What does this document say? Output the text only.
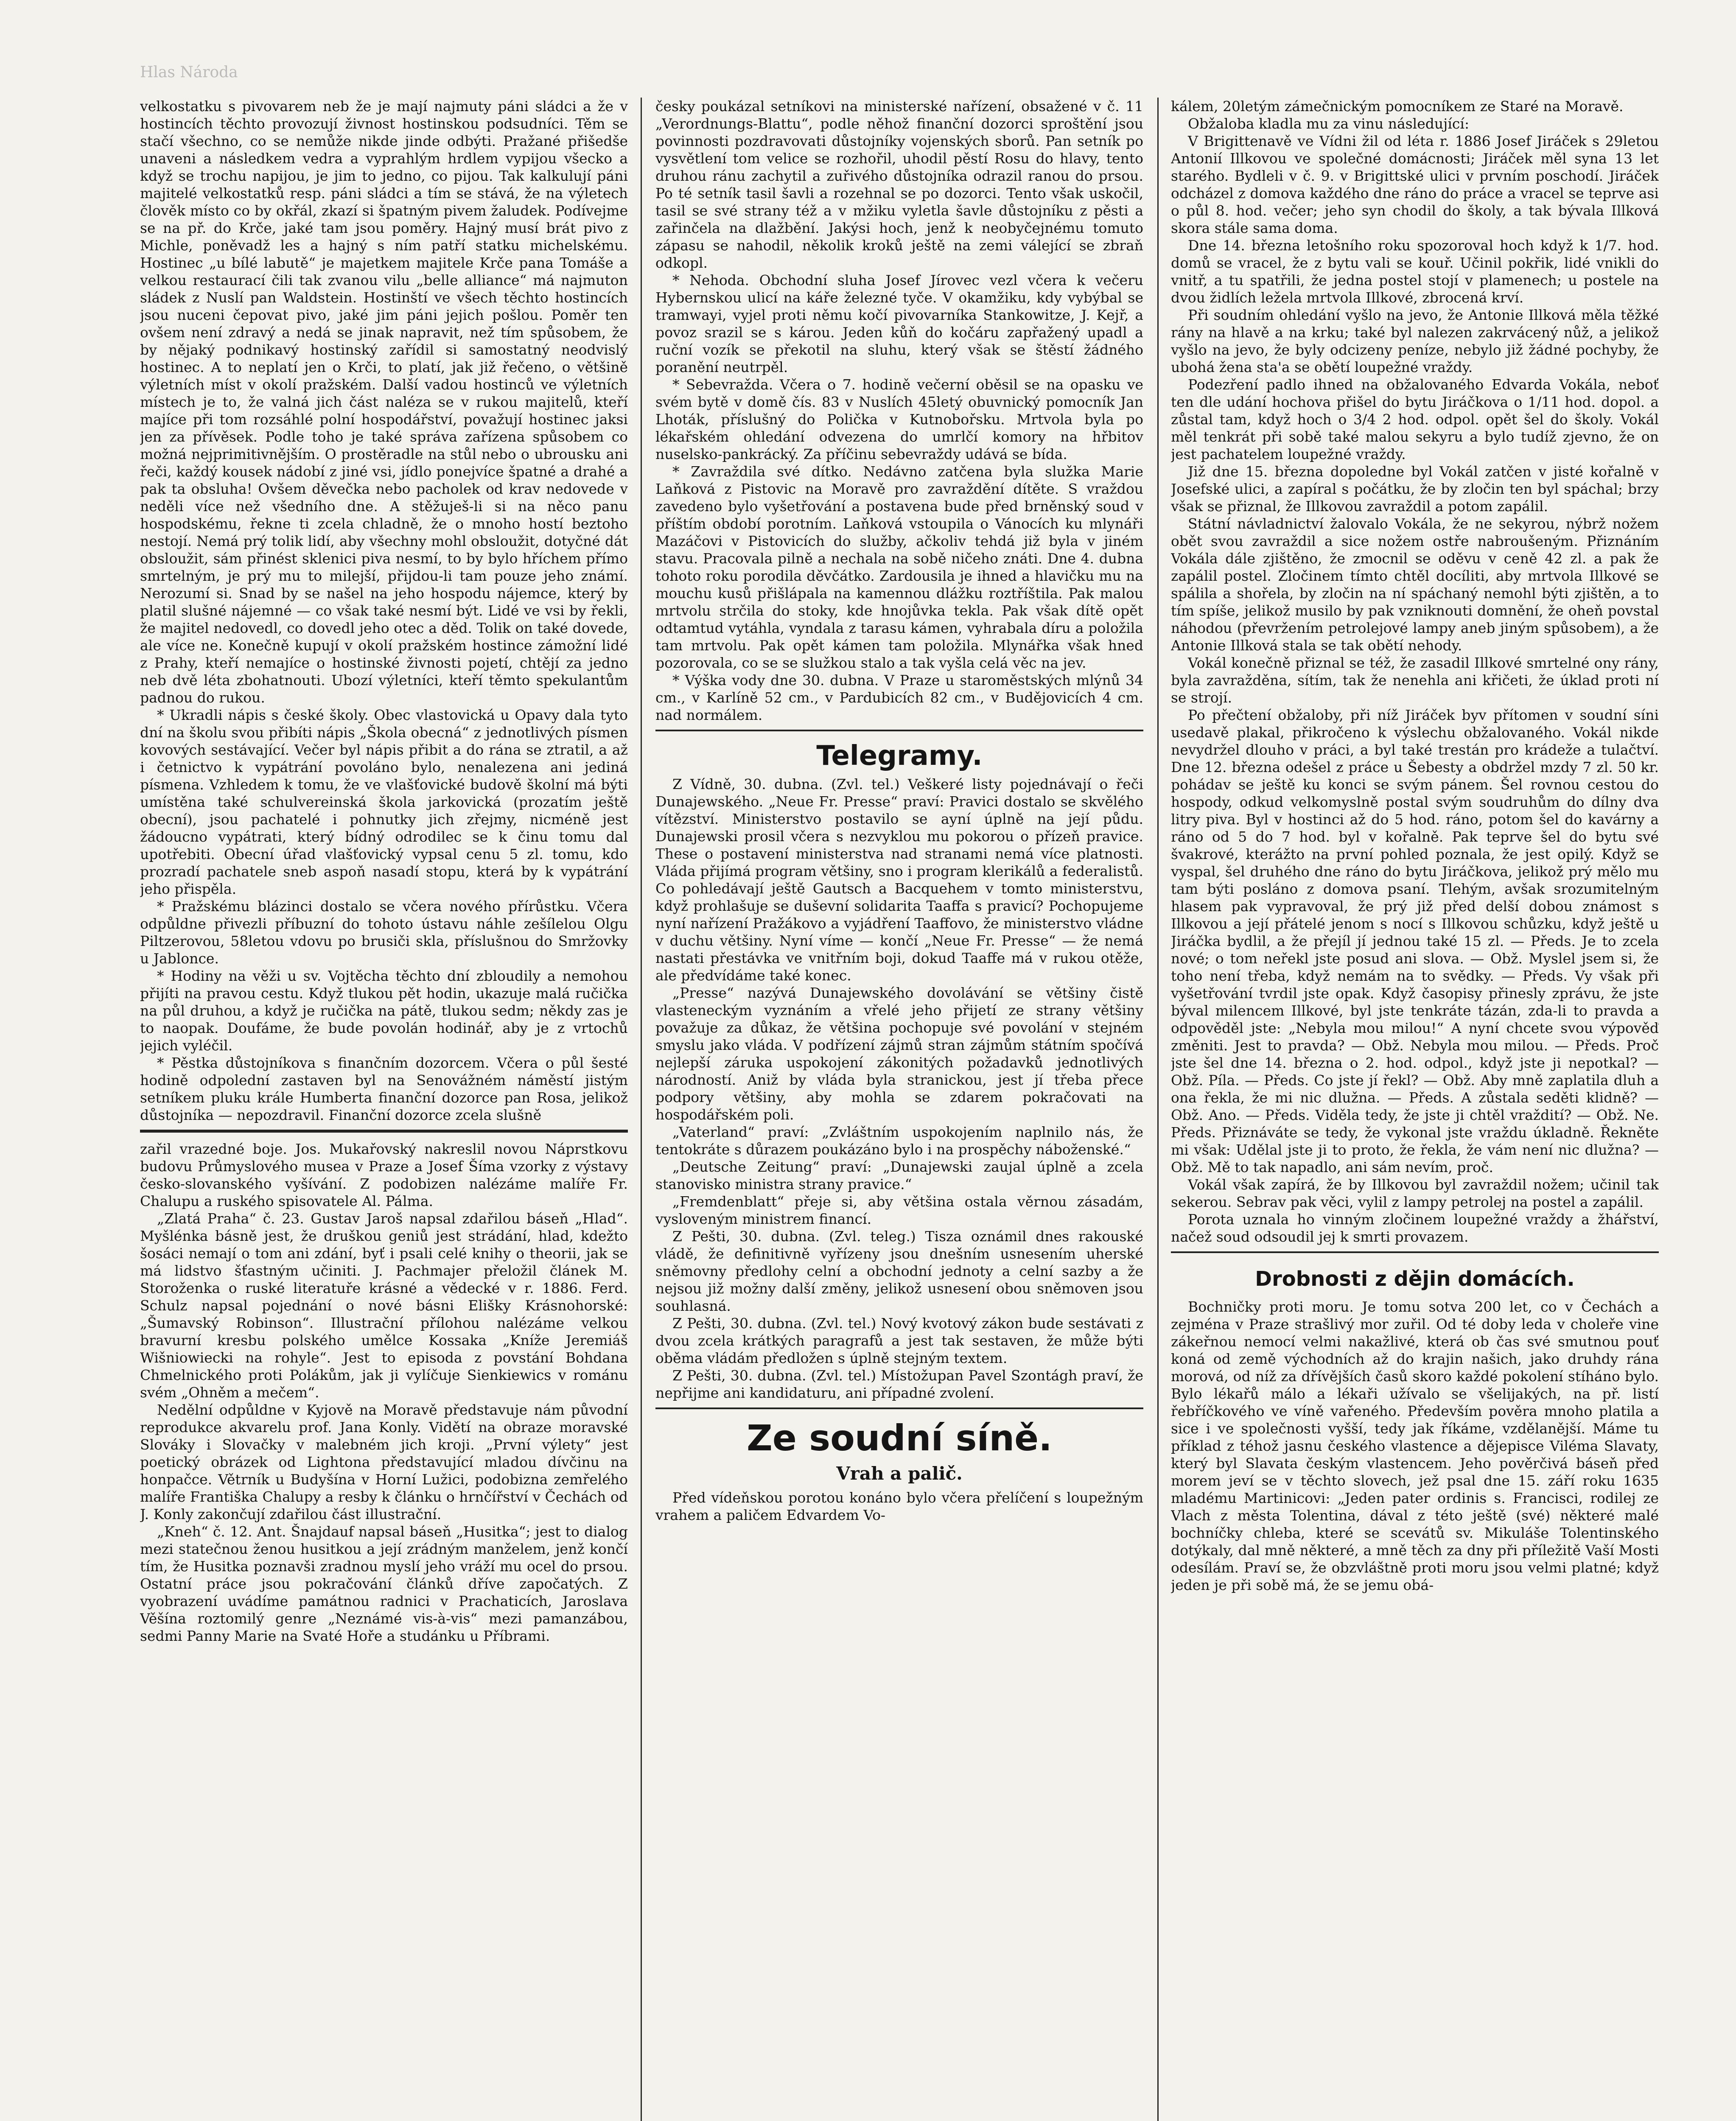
Hlas Národa

velkostatku s pivovarem neb že je mají najmuty páni sládci a že v hostincích těchto provozují živnost hostinskou podsudníci. Těm se stačí všechno, co se nemůže nikde jinde odbýti. Pražané přišedše unaveni a následkem vedra a vyprahlým hrdlem vypijou všecko a když se trochu napijou, je jim to jedno, co pijou. Tak kalkulují páni majitelé velkostatků resp. páni sládci a tím se stává, že na výletech člověk místo co by okřál, zkazí si špatným pivem žaludek. Podívejme se na př. do Krče, jaké tam jsou poměry. Hajný musí brát pivo z Michle, poněvadž les a hajný s ním patří statku michelskému. Hostinec „u bílé labutě“ je majetkem majitele Krče pana Tomáše a velkou restaurací čili tak zvanou vilu „belle alliance“ má najmuton sládek z Nuslí pan Waldstein. Hostinští ve všech těchto hostincích jsou nuceni čepovat pivo, jaké jim páni jejich pošlou. Poměr ten ovšem není zdravý a nedá se jinak napravit, než tím spůsobem, že by nějaký podnikavý hostinský zařídil si samostatný neodvislý hostinec. A to neplatí jen o Krči, to platí, jak již řečeno, o většině výletních míst v okolí pražském. Další vadou hostinců ve výletních místech je to, že valná jich část naléza se v rukou majitelů, kteří majíce při tom rozsáhlé polní hospodářství, považují hostinec jaksi jen za přívěsek. Podle toho je také správa zařízena spůsobem co možná nejprimitivnějším. O prostěradle na stůl nebo o ubrousku ani řeči, každý kousek nádobí z jiné vsi, jídlo ponejvíce špatné a drahé a pak ta obsluha! Ovšem děvečka nebo pacholek od krav nedovede v neděli více než všedního dne. A stěžuješ-li si na něco panu hospodskému, řekne ti zcela chladně, že o mnoho hostí beztoho nestojí. Nemá prý tolik lidí, aby všechny mohl obsloužit, dotyčné dát obsloužit, sám přinést sklenici piva nesmí, to by bylo hříchem přímo smrtelným, je prý mu to milejší, přijdou-li tam pouze jeho známí. Nerozumí si. Snad by se našel na jeho hospodu nájemce, který by platil slušné nájemné — co však také nesmí být. Lidé ve vsi by řekli, že majitel nedovedl, co dovedl jeho otec a děd. Tolik on také dovede, ale více ne. Konečně kupují v okolí pražském hostince zámožní lidé z Prahy, kteří nemajíce o hostinské živnosti pojetí, chtějí za jedno neb dvě léta zbohatnouti. Ubozí výletníci, kteří těmto spekulantům padnou do rukou.

* Ukradli nápis s české školy. Obec vlastovická u Opavy dala tyto dní na školu svou přibíti nápis „Škola obecná“ z jednotlivých písmen kovových sestávající. Večer byl nápis přibit a do rána se ztratil, a až i četnictvo k vypátrání povoláno bylo, nenalezena ani jediná písmena. Vzhledem k tomu, že ve vlašťovické budově školní má býti umístěna také schulvereinská škola jarkovická (prozatím ještě obecní), jsou pachatelé i pohnutky jich zřejmy, nicméně jest žádoucno vypátrati, který bídný odrodilec se k činu tomu dal upotřebiti. Obecní úřad vlašťovický vypsal cenu 5 zl. tomu, kdo prozradí pachatele sneb aspoň nasadí stopu, která by k vypátrání jeho přispěla.

* Pražskému blázinci dostalo se včera nového přírůstku. Včera odpůldne přivezli příbuzní do tohoto ústavu náhle zešílelou Olgu Piltzerovou, 58letou vdovu po brusiči skla, příslušnou do Smržovky u Jablonce.

* Hodiny na věži u sv. Vojtěcha těchto dní zbloudily a nemohou přijíti na pravou cestu. Když tlukou pět hodin, ukazuje malá ručička na půl druhou, a když je ručička na pátě, tlukou sedm; někdy zas je to naopak. Doufáme, že bude povolán hodinář, aby je z vrtochů jejich vyléčil.

* Pěstka důstojníkova s finančním dozorcem. Včera o půl šesté hodině odpolední zastaven byl na Senovážném náměstí jistým setníkem pluku krále Humberta finanční dozorce pan Rosa, jelikož důstojníka — nepozdravil. Finanční dozorce zcela slušně

zařil vrazedné boje. Jos. Mukařovský nakreslil novou Náprstkovu budovu Průmyslového musea v Praze a Josef Šíma vzorky z výstavy česko-slovanského vyšívání. Z podobizen nalézáme malíře Fr. Chalupu a ruského spisovatele Al. Pálma.

„Zlatá Praha“ č. 23. Gustav Jaroš napsal zdařilou báseň „Hlad“. Myšlénka básně jest, že druškou geniů jest strádání, hlad, kdežto šosáci nemají o tom ani zdání, byť i psali celé knihy o theorii, jak se má lidstvo šťastným učiniti. J. Pachmajer přeložil článek M. Storoženka o ruské literatuře krásné a vědecké v r. 1886. Ferd. Schulz napsal pojednání o nové básni Elišky Krásnohorské: „Šumavský Robinson“. Illustrační přílohou nalézáme velkou bravurní kresbu polského umělce Kossaka „Kníže Jeremiáš Wišniowiecki na rohyle“. Jest to episoda z povstání Bohdana Chmelnického proti Polákům, jak ji vylíčuje Sienkiewics v románu svém „Ohněm a mečem“.

Nedělní odpůldne v Kyjově na Moravě představuje nám původní reprodukce akvarelu prof. Jana Konly. Vidětí na obraze moravské Slováky i Slovačky v malebném jich kroji. „První výlety“ jest poetický obrázek od Lightona představující mladou dívčinu na honpačce. Větrník u Budyšína v Horní Lužici, podobizna zemřelého malíře Františka Chalupy a resby k článku o hrnčířství v Čechách od J. Konly zakončují zdařilou část illustrační.

„Kneh“ č. 12. Ant. Šnajdauf napsal báseň „Husitka“; jest to dialog mezi statečnou ženou husitkou a její zrádným manželem, jenž končí tím, že Husitka poznavši zradnou myslí jeho vráží mu ocel do prsou. Ostatní práce jsou pokračování článků dříve započatých. Z vyobrazení uvádíme památnou radnici v Prachaticích, Jaroslava Věšína roztomilý genre „Neznámé vis-à-vis“ mezi pamanzábou, sedmi Panny Marie na Svaté Hoře a studánku u Příbrami.

česky poukázal setníkovi na ministerské nařízení, obsažené v č. 11 „Verordnungs-Blattu“, podle něhož finanční dozorci sproštění jsou povinnosti pozdravovati důstojníky vojenských sborů. Pan setník po vysvětlení tom velice se rozhořil, uhodil pěstí Rosu do hlavy, tento druhou ránu zachytil a zuřivého důstojníka odrazil ranou do prsou. Po té setník tasil šavli a rozehnal se po dozorci. Tento však uskočil, tasil se své strany též a v mžiku vyletla šavle důstojníku z pěsti a zařinčela na dlažbění. Jakýsi hoch, jenž k neobyčejnému tomuto zápasu se nahodil, několik kroků ještě na zemi válející se zbraň odkopl.

* Nehoda. Obchodní sluha Josef Jírovec vezl včera k večeru Hybernskou ulicí na káře železné tyče. V okamžiku, kdy vybýbal se tramwayi, vyjel proti němu kočí pivovarníka Stankowitze, J. Kejř, a povoz srazil se s károu. Jeden kůň do kočáru zapřažený upadl a ruční vozík se překotil na sluhu, který však se štěstí žádného poranění neutrpěl.

* Sebevražda. Včera o 7. hodině večerní oběsil se na opasku ve svém bytě v domě čís. 83 v Nuslích 45letý obuvnický pomocník Jan Lhoták, příslušný do Polička v Kutnobořsku. Mrtvola byla po lékařském ohledání odvezena do umrlčí komory na hřbitov nuselsko-pankrácký. Za příčinu sebevraždy udává se bída.

* Zavraždila své dítko. Nedávno zatčena byla služka Marie Laňková z Pistovic na Moravě pro zavraždění dítěte. S vraždou zavedeno bylo vyšetřování a postavena bude před brněnský soud v příštím období porotním. Laňková vstoupila o Vánocích ku mlynáři Mazáčovi v Pistovicích do služby, ačkoliv tehdá již byla v jiném stavu. Pracovala pilně a nechala na sobě ničeho znáti. Dne 4. dubna tohoto roku porodila děvčátko. Zardousila je ihned a hlavičku mu na mouchu kusů přišlápala na kamennou dlážku roztříštila. Pak malou mrtvolu strčila do stoky, kde hnojůvka tekla. Pak však dítě opět odtamtud vytáhla, vyndala z tarasu kámen, vyhrabala díru a položila tam mrtvolu. Pak opět kámen tam položila. Mlynářka však hned pozorovala, co se se služkou stalo a tak vyšla celá věc na jev.

* Výška vody dne 30. dubna. V Praze u staroměstských mlýnů 34 cm., v Karlíně 52 cm., v Pardubicích 82 cm., v Budějovicích 4 cm. nad normálem.

Telegramy.

Z Vídně, 30. dubna. (Zvl. tel.) Veškeré listy pojednávají o řeči Dunajewského. „Neue Fr. Presse“ praví: Pravici dostalo se skvělého vítězství. Ministerstvo postavilo se ayní úplně na její půdu. Dunajewski prosil včera s nezvyklou mu pokorou o přízeň pravice. These o postavení ministerstva nad stranami nemá více platnosti. Vláda přijímá program většiny, sno i program klerikálů a federalistů. Co pohledávají ještě Gautsch a Bacquehem v tomto ministerstvu, když prohlašuje se duševní solidarita Taaffa s pravicí? Pochopujeme nyní nařízení Pražákovo a vyjádření Taaffovo, že ministerstvo vládne v duchu většiny. Nyní víme — končí „Neue Fr. Presse“ — že nemá nastati přestávka ve vnitřním boji, dokud Taaffe má v rukou otěže, ale předvídáme také konec.

„Presse“ nazývá Dunajewského dovolávání se většiny čistě vlasteneckým vyznáním a vřelé jeho přijetí ze strany většiny považuje za důkaz, že většina pochopuje své povolání v stejném smyslu jako vláda. V podřízení zájmů stran zájmům státním spočívá nejlepší záruka uspokojení zákonitých požadavků jednotlivých národností. Aniž by vláda byla stranickou, jest jí třeba přece podpory většiny, aby mohla se zdarem pokračovati na hospodářském poli.

„Vaterland“ praví: „Zvláštním uspokojením naplnilo nás, že tentokráte s důrazem poukázáno bylo i na prospěchy náboženské.“

„Deutsche Zeitung“ praví: „Dunajewski zaujal úplně a zcela stanovisko ministra strany pravice.“

„Fremdenblatt“ přeje si, aby většina ostala věrnou zásadám, vysloveným ministrem financí.

Z Pešti, 30. dubna. (Zvl. teleg.) Tisza oznámil dnes rakouské vládě, že definitivně vyřízeny jsou dnešním usnesením uherské sněmovny předlohy celní a obchodní jednoty a celní sazby a že nejsou již možny další změny, jelikož usnesení obou sněmoven jsou souhlasná.

Z Pešti, 30. dubna. (Zvl. tel.) Nový kvotový zákon bude sestávati z dvou zcela krátkých paragrafů a jest tak sestaven, že může býti oběma vládám předložen s úplně stejným textem.

Z Pešti, 30. dubna. (Zvl. tel.) Místožupan Pavel Szontágh praví, že nepřijme ani kandidaturu, ani případné zvolení.

Ze soudní síně.
Vrah a palič.

Před vídeňskou porotou konáno bylo včera přelíčení s loupežným vrahem a paličem Edvardem Vo-

kálem, 20letým zámečnickým pomocníkem ze Staré na Moravě.

Obžaloba kladla mu za vinu následující:

V Brigittenavě ve Vídni žil od léta r. 1886 Josef Jiráček s 29letou Antonií Illkovou ve společné domácnosti; Jiráček měl syna 13 let starého. Bydleli v č. 9. v Brigittské ulici v prvním poschodí. Jiráček odcházel z domova každého dne ráno do práce a vracel se teprve asi o půl 8. hod. večer; jeho syn chodil do školy, a tak bývala Illková skora stále sama doma.

Dne 14. března letošního roku spozoroval hoch když k 1/7. hod. domů se vracel, že z bytu vali se kouř. Učinil pokřik, lidé vnikli do vnitř, a tu spatřili, že jedna postel stojí v plamenech; u postele na dvou židlích ležela mrtvola Illkové, zbrocená krví.

Při soudním ohledání vyšlo na jevo, že Antonie Illková měla těžké rány na hlavě a na krku; také byl nalezen zakrvácený nůž, a jelikož vyšlo na jevo, že byly odcizeny peníze, nebylo již žádné pochyby, že ubohá žena sta'a se obětí loupežné vraždy.

Podezření padlo ihned na obžalovaného Edvarda Vokála, neboť ten dle udání hochova přišel do bytu Jiráčkova o 1/11 hod. dopol. a zůstal tam, když hoch o 3/4 2 hod. odpol. opět šel do školy. Vokál měl tenkrát při sobě také malou sekyru a bylo tudíž zjevno, že on jest pachatelem loupežné vraždy.

Již dne 15. března dopoledne byl Vokál zatčen v jisté kořalně v Josefské ulici, a zapíral s počátku, že by zločin ten byl spáchal; brzy však se přiznal, že Illkovou zavraždil a potom zapálil.

Státní návladnictví žalovalo Vokála, že ne sekyrou, nýbrž nožem obět svou zavraždil a sice nožem ostře nabroušeným. Přiznáním Vokála dále zjištěno, že zmocnil se oděvu v ceně 42 zl. a pak že zapálil postel. Zločinem tímto chtěl docíliti, aby mrtvola Illkové se spálila a shořela, by zločin na ní spáchaný nemohl býti zjištěn, a to tím spíše, jelikož musilo by pak vzniknouti domnění, že oheň povstal náhodou (převržením petrolejové lampy aneb jiným spůsobem), a že Antonie Illková stala se tak obětí nehody.

Vokál konečně přiznal se též, že zasadil Illkové smrtelné ony rány, byla zavražděna, sítím, tak že nenehla ani křičeti, že úklad proti ní se strojí.

Po přečtení obžaloby, při níž Jiráček byv přítomen v soudní síni usedavě plakal, přikročeno k výslechu obžalovaného. Vokál nikde nevydržel dlouho v práci, a byl také trestán pro krádeže a tulačtví. Dne 12. března odešel z práce u Šebesty a obdržel mzdy 7 zl. 50 kr. pohádav se ještě ku konci se svým pánem. Šel rovnou cestou do hospody, odkud velkomyslně postal svým soudruhům do dílny dva litry piva. Byl v hostinci až do 5 hod. ráno, potom šel do kavárny a ráno od 5 do 7 hod. byl v kořalně. Pak teprve šel do bytu své švakrové, kterážto na první pohled poznala, že jest opilý. Když se vyspal, šel druhého dne ráno do bytu Jiráčkova, jelikož prý mělo mu tam býti posláno z domova psaní. Tlehým, avšak srozumitelným hlasem pak vypravoval, že prý již před delší dobou známost s Illkovou a její přátelé jenom s nocí s Illkovou schůzku, když ještě u Jiráčka bydlil, a že přejíl jí jednou také 15 zl. — Předs. Je to zcela nové; o tom neřekl jste posud ani slova. — Obž. Myslel jsem si, že toho není třeba, když nemám na to svědky. — Předs. Vy však při vyšetřování tvrdil jste opak. Když časopisy přinesly zprávu, že jste býval milencem Illkové, byl jste tenkráte tázán, zda-li to pravda a odpověděl jste: „Nebyla mou milou!“ A nyní chcete svou výpověď změniti. Jest to pravda? — Obž. Nebyla mou milou. — Předs. Proč jste šel dne 14. března o 2. hod. odpol., když jste ji nepotkal? — Obž. Píla. — Předs. Co jste jí řekl? — Obž. Aby mně zaplatila dluh a ona řekla, že mi nic dlužna. — Předs. A zůstala seděti klidně? — Obž. Ano. — Předs. Viděla tedy, že jste ji chtěl vraždití? — Obž. Ne. Předs. Přiznáváte se tedy, že vykonal jste vraždu úkladně. Řekněte mi však: Udělal jste ji to proto, že řekla, že vám není nic dlužna? — Obž. Mě to tak napadlo, ani sám nevím, proč.

Vokál však zapírá, že by Illkovou byl zavraždil nožem; učinil tak sekerou. Sebrav pak věci, vylil z lampy petrolej na postel a zapálil.

Porota uznala ho vinným zločinem loupežné vraždy a žhářství, načež soud odsoudil jej k smrti provazem.

Drobnosti z dějin domácích.

Bochničky proti moru. Je tomu sotva 200 let, co v Čechách a zejména v Praze strašlivý mor zuřil. Od té doby leda v choleře vine zákeřnou nemocí velmi nakažlivé, která ob čas své smutnou pouť koná od země východních až do krajin našich, jako druhdy rána morová, od níž za dřívějších časů skoro každé pokolení stíháno bylo. Bylo lékařů málo a lékaři užívalo se všelijakých, na př. listí řebříčkového ve víně vařeného. Především pověra mnoho platila a sice i ve společnosti vyšší, tedy jak říkáme, vzdělanější. Máme tu příklad z téhož jasnu českého vlastence a dějepisce Viléma Slavaty, který byl Slavata českým vlastencem. Jeho pověrčivá báseň před morem jeví se v těchto slovech, jež psal dne 15. září roku 1635 mladému Martinicovi: „Jeden pater ordinis s. Francisci, rodilej ze Vlach z města Tolentina, dával z této ještě (své) některé malé bochníčky chleba, které se scevátů sv. Mikuláše Tolentinského dotýkaly, dal mně některé, a mně těch za dny při příležitě Vaší Mosti odesílám. Praví se, že obzvláštně proti moru jsou velmi platné; když jeden je při sobě má, že se jemu obá-
